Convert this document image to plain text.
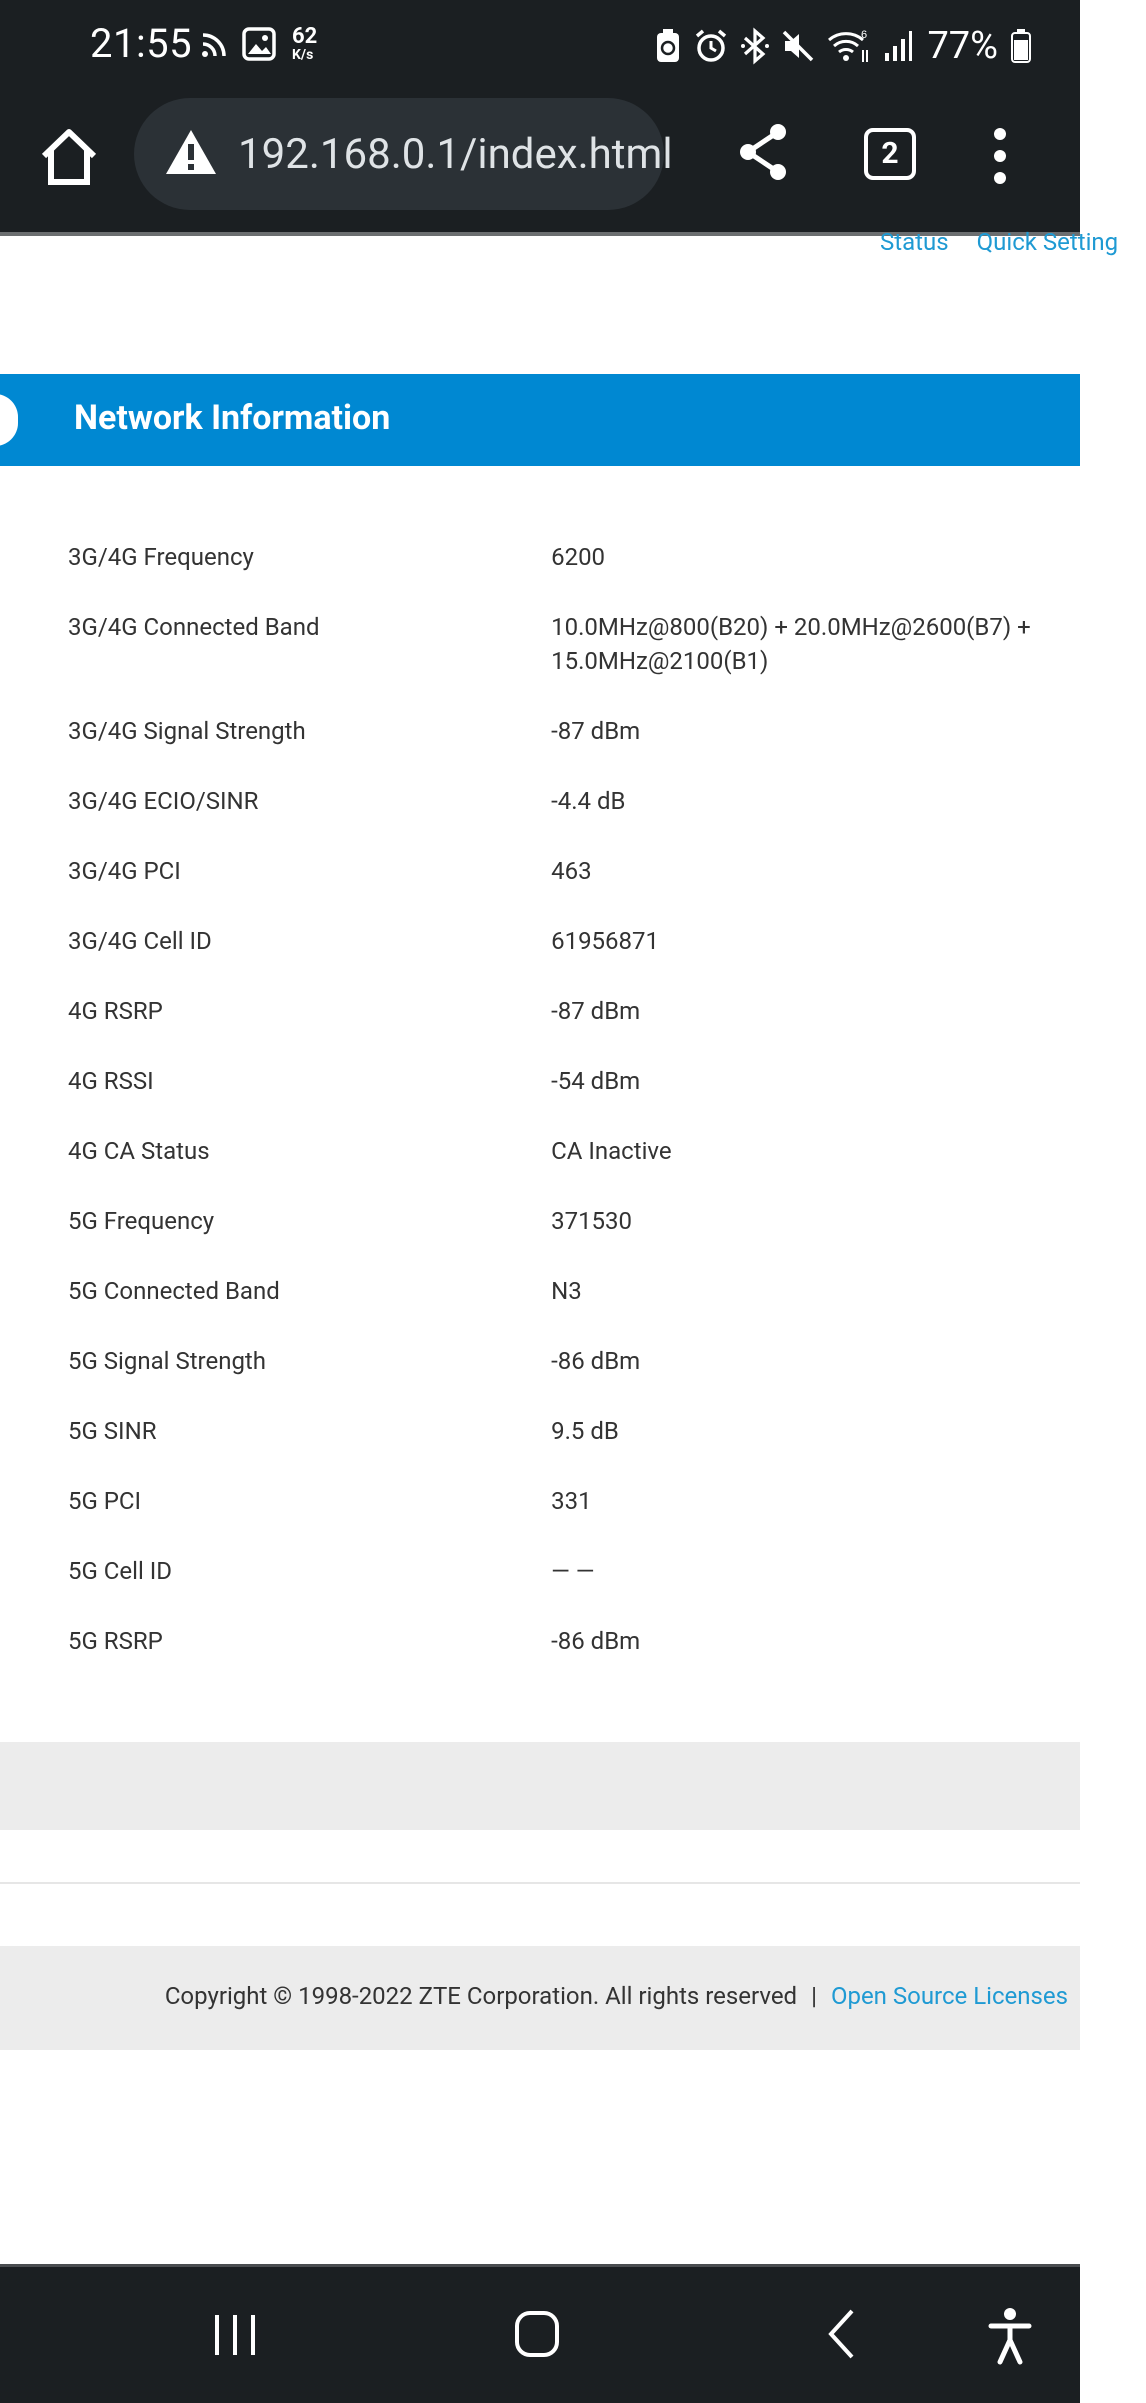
21:55	62
K/s
6 77%
192.168.0.1/index.html	2
Status Quick Setting
Network Information
3G/4G Frequency	6200
3G/4G Connected Band	10.0MHz@800(B20) + 20.0MHz@2600(B7) + 15.0MHz@2100(B1)
3G/4G Signal Strength	-87 dBm
3G/4G ECIO/SINR	-4.4 dB
3G/4G PCI	463
3G/4G Cell ID	61956871
4G RSRP	-87 dBm
4G RSSI	-54 dBm
4G CA Status	CA Inactive
5G Frequency	371530
5G Connected Band	N3
5G Signal Strength	-86 dBm
5G SINR	9.5 dB
5G PCI	331
5G Cell ID	— —
5G RSRP	-86 dBm
Copyright © 1998-2022 ZTE Corporation. All rights reserved | Open Source Licenses
